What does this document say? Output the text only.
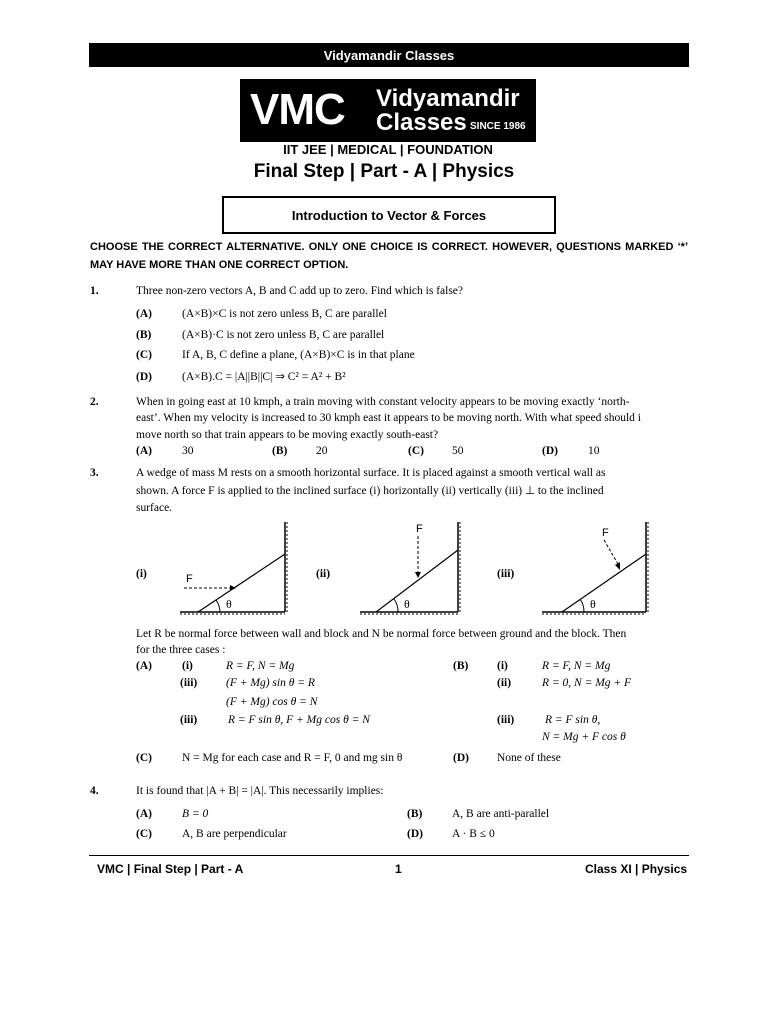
Vidyamandir Classes
VMC Vidyamandir
Classes SINCE 1986
IIT JEE | MEDICAL | FOUNDATION
Final Step | Part - A | Physics
Introduction to Vector & Forces
CHOOSE THE CORRECT ALTERNATIVE. ONLY ONE CHOICE IS CORRECT. HOWEVER, QUESTIONS MARKED ‘*’ MAY HAVE MORE THAN ONE CORRECT OPTION.
1.	Three non-zero vectors A, B and C add up to zero. Find which is false?
(A)	(A×B)×C is not zero unless B, C are parallel
(B)	(A×B)·C is not zero unless B, C are parallel
(C)	If A, B, C define a plane, (A×B)×C is in that plane
(D)	(A×B).C = |A||B||C| ⇒ C² = A² + B²
2.	When in going east at 10 kmph, a train moving with constant velocity appears to be moving exactly ‘north-
east’. When my velocity is increased to 30 kmph east it appears to be moving north. With what speed should i
move north so that train appears to be moving exactly south-east?
(A)	30	(B) 20	(C) 50	(D)	10
3.	A wedge of mass M rests on a smooth horizontal surface. It is placed against a smooth vertical wall as
shown. A force F is applied to the inclined surface (i) horizontally (ii) vertically (iii) ⊥ to the inclined
surface.
(i)	F
θ
(ii)
F
θ
(iii)
F
θ
Let R be normal force between wall and block and N be normal force between ground and the block. Then
for the three cases :
(A)	(i)	R = F, N = Mg
(iii)	(F + Mg) sin θ = R
(F + Mg) cos θ = N
(iii)	R = F sin θ, F + Mg cos θ = N
(B) (i)	R = F, N = Mg
(ii)	R = 0, N = Mg + F
(iii)	R = F sin θ,
N = Mg + F cos θ
(C)	N = Mg for each case and R = F, 0 and mg sin θ	(D) None of these
4.	It is found that |A + B| = |A|. This necessarily implies:
(A)	B = 0	(B)	A, B are anti-parallel
(C)	A, B are perpendicular	(D)	A · B ≤ 0
VMC | Final Step | Part - A	1	Class XI | Physics
